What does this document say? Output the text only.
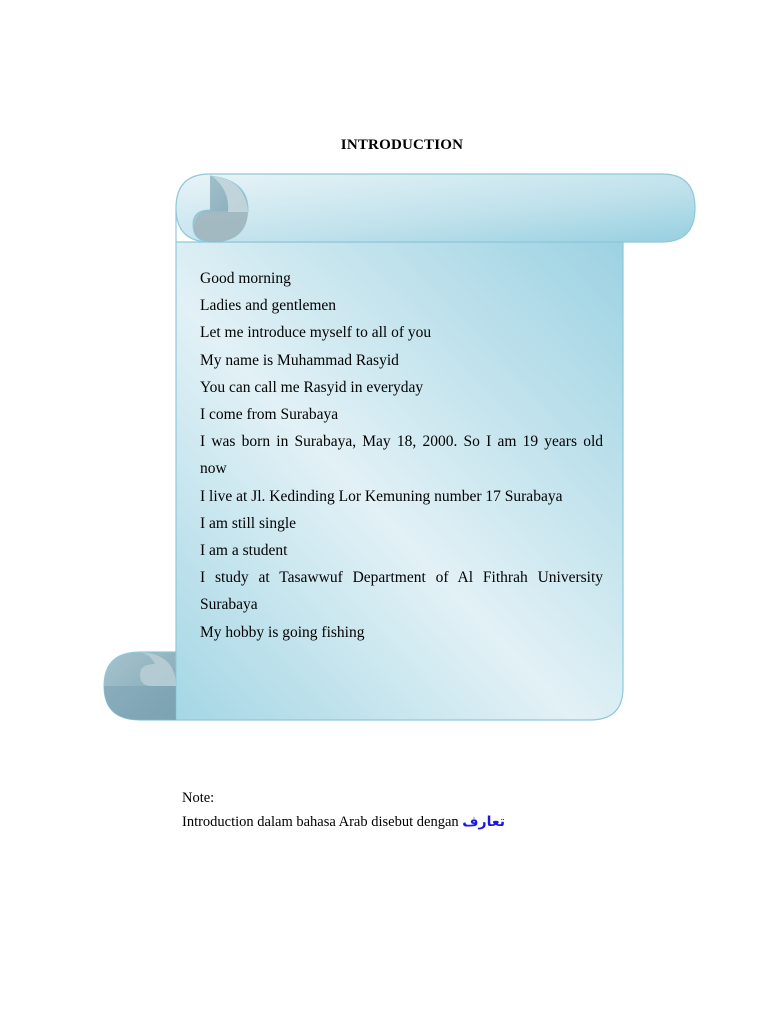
INTRODUCTION
Good morning
Ladies and gentlemen
Let me introduce myself to all of you
My name is Muhammad Rasyid
You can call me Rasyid in everyday
I come from Surabaya
I was born in Surabaya, May 18, 2000. So I am 19 years old now
I live at Jl. Kedinding Lor Kemuning number 17 Surabaya
I am still single
I am a student
I study at Tasawwuf Department of Al Fithrah University Surabaya
My hobby is going fishing
Note:
Introduction dalam bahasa Arab disebut dengan تعارف
